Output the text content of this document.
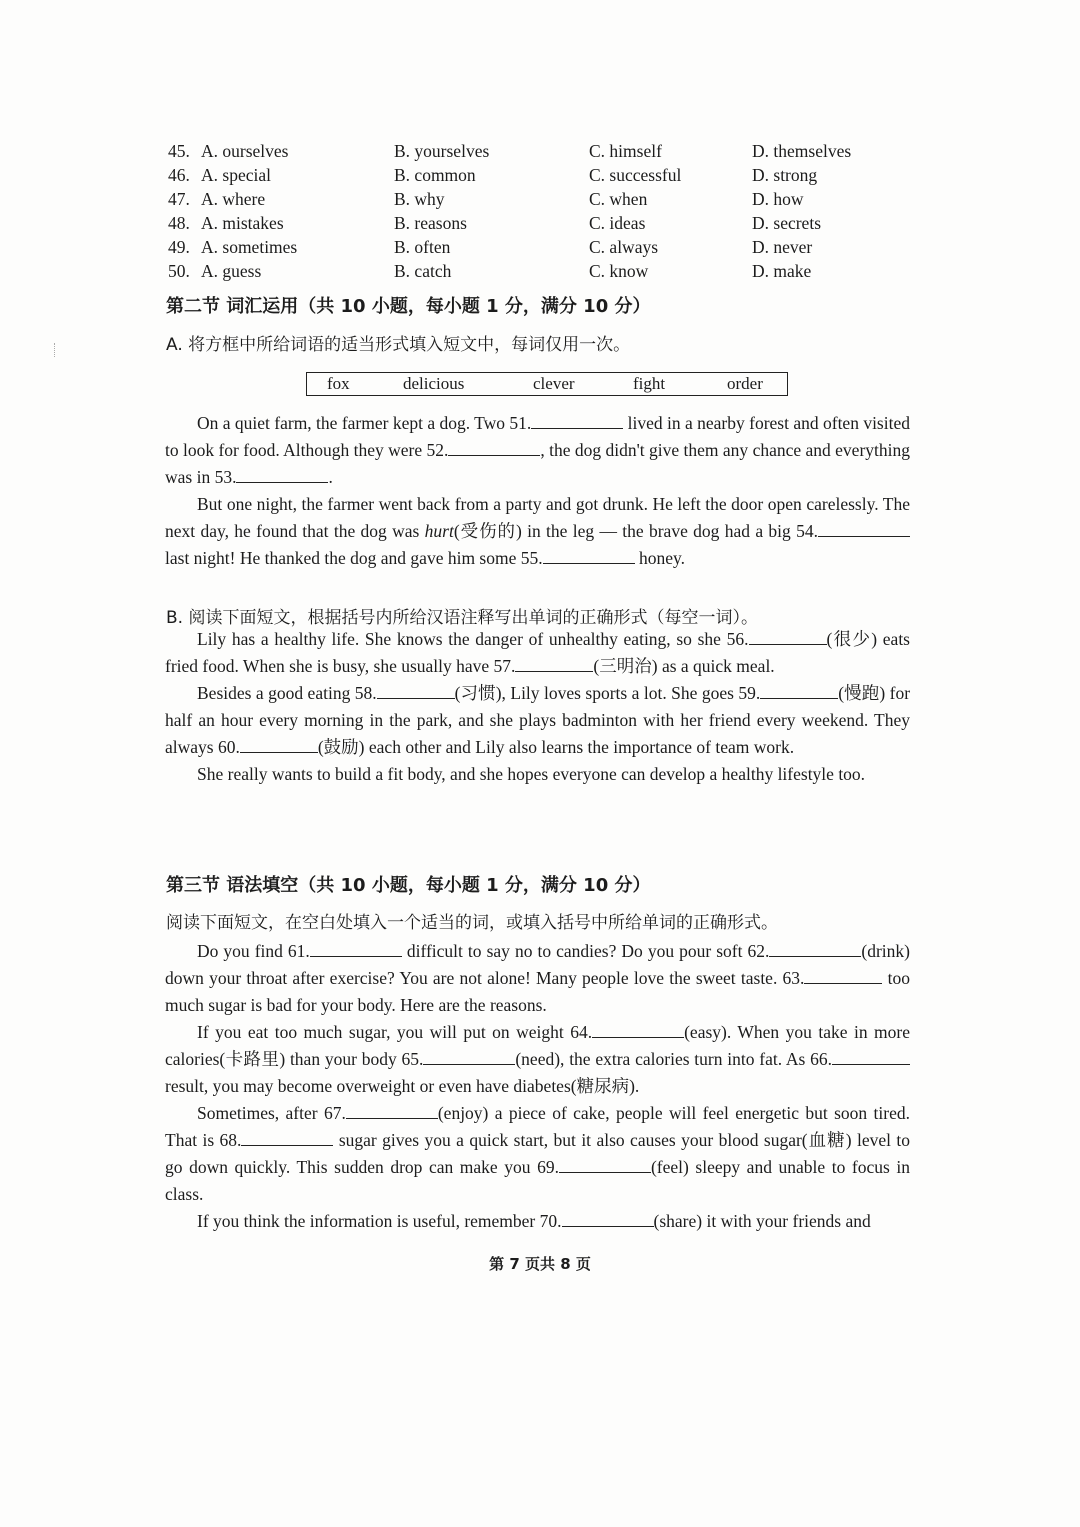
45. A. ourselves	B. yourselves	C. himself	D. themselves
46. A. special	B. common	C. successful	D. strong
47. A. where	B. why	C. when	D. how
48. A. mistakes	B. reasons	C. ideas	D. secrets
49. A. sometimes	B. often	C. always	D. never
50. A. guess	B. catch	C. know	D. make
第二节 词汇运用（共 10 小题，每小题 1 分，满分 10 分）
A. 将方框中所给词语的适当形式填入短文中，每词仅用一次。
fox	delicious	clever	fight	order

On a quiet farm, the farmer kept a dog. Two 51.	lived in a nearby forest and often visited to look for food. Although they were 52.	, the dog didn't give them any chance and everything was in 53.	.

But one night, the farmer went back from a party and got drunk. He left the door open carelessly. The next day, he found that the dog was hurt(受伤的) in the leg — the brave dog had a big 54. last night! He thanked the dog and gave him some 55.	honey.

B. 阅读下面短文，根据括号内所给汉语注释写出单词的正确形式（每空一词）。

Lily has a healthy life. She knows the danger of unhealthy eating, so she 56.	(很少) eats fried food. When she is busy, she usually have 57.	(三明治) as a quick meal.

Besides a good eating 58.	(习惯), Lily loves sports a lot. She goes 59.	(慢跑) for half an hour every morning in the park, and she plays badminton with her friend every weekend. They always 60.	(鼓励) each other and Lily also learns the importance of team work.

She really wants to build a fit body, and she hopes everyone can develop a healthy lifestyle too.

第三节 语法填空（共 10 小题，每小题 1 分，满分 10 分）
阅读下面短文，在空白处填入一个适当的词，或填入括号中所给单词的正确形式。

Do you find 61.	difficult to say no to candies? Do you pour soft 62.	(drink) down your throat after exercise? You are not alone! Many people love the sweet taste. 63.	too much sugar is bad for your body. Here are the reasons.

If you eat too much sugar, you will put on weight 64.	(easy). When you take in more calories(卡路里) than your body 65.	(need), the extra calories turn into fat. As 66. result, you may become overweight or even have diabetes(糖尿病).

Sometimes, after 67.	(enjoy) a piece of cake, people will feel energetic but soon tired. That is 68.	sugar gives you a quick start, but it also causes your blood sugar(血糖) level to go down quickly. This sudden drop can make you 69.	(feel) sleepy and unable to focus in class.

If you think the information is useful, remember 70.	(share) it with your friends and

第 7 页共 8 页
